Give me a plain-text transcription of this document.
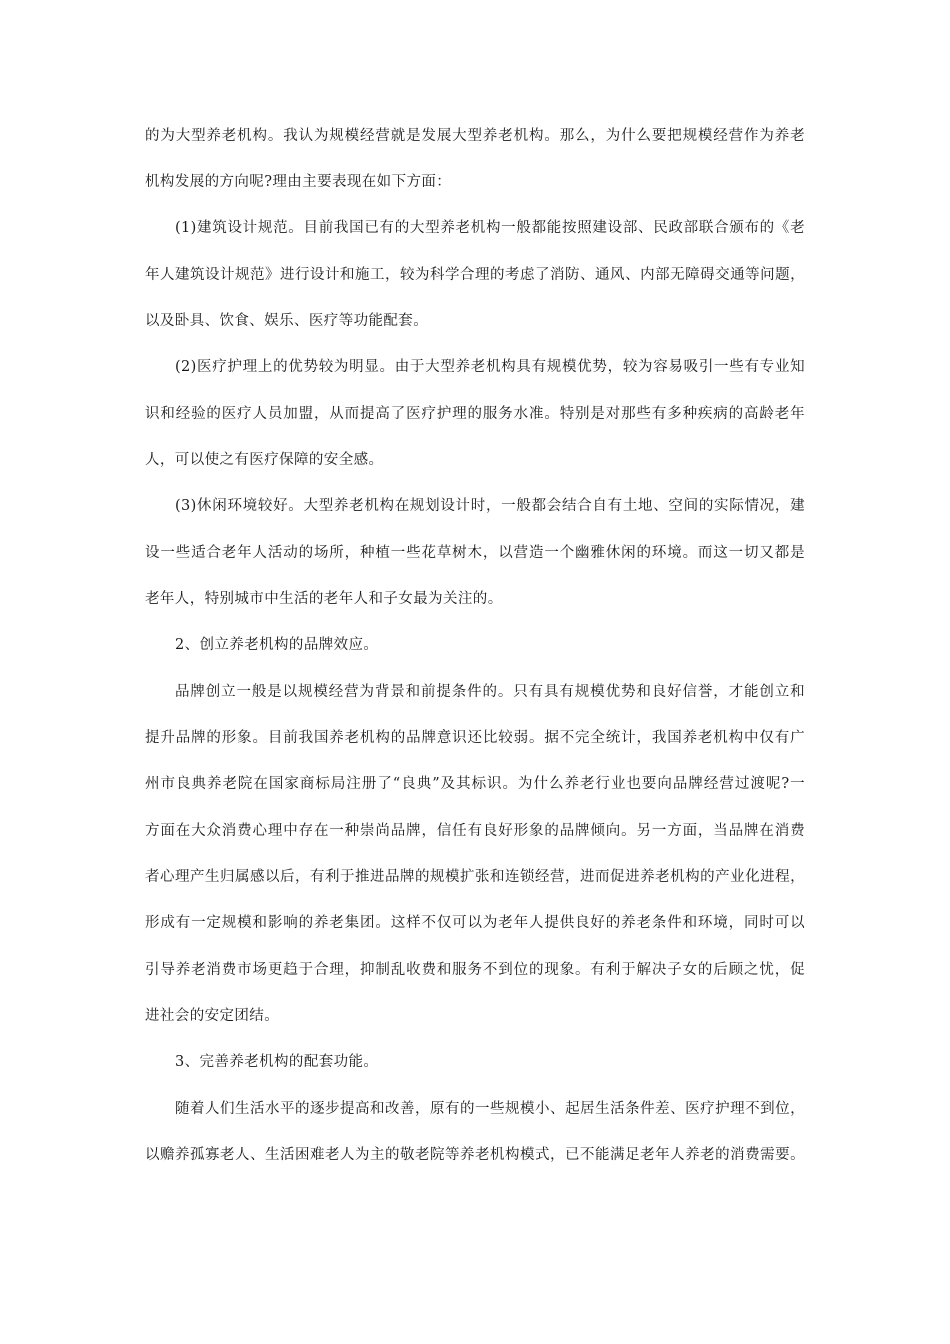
的为大型养老机构。我认为规模经营就是发展大型养老机构。那么，为什么要把规模经营作为养老
机构发展的方向呢?理由主要表现在如下方面：
(1)建筑设计规范。目前我国已有的大型养老机构一般都能按照建设部、民政部联合颁布的《老
年人建筑设计规范》进行设计和施工，较为科学合理的考虑了消防、通风、内部无障碍交通等问题，
以及卧具、饮食、娱乐、医疗等功能配套。
(2)医疗护理上的优势较为明显。由于大型养老机构具有规模优势，较为容易吸引一些有专业知
识和经验的医疗人员加盟，从而提高了医疗护理的服务水准。特别是对那些有多种疾病的高龄老年
人，可以使之有医疗保障的安全感。
(3)休闲环境较好。大型养老机构在规划设计时，一般都会结合自有土地、空间的实际情况，建
设一些适合老年人活动的场所，种植一些花草树木，以营造一个幽雅休闲的环境。而这一切又都是
老年人，特别城市中生活的老年人和子女最为关注的。
2、创立养老机构的品牌效应。
品牌创立一般是以规模经营为背景和前提条件的。只有具有规模优势和良好信誉，才能创立和
提升品牌的形象。目前我国养老机构的品牌意识还比较弱。据不完全统计，我国养老机构中仅有广
州市良典养老院在国家商标局注册了“良典”及其标识。为什么养老行业也要向品牌经营过渡呢?一
方面在大众消费心理中存在一种崇尚品牌，信任有良好形象的品牌倾向。另一方面，当品牌在消费
者心理产生归属感以后，有利于推进品牌的规模扩张和连锁经营，进而促进养老机构的产业化进程，
形成有一定规模和影响的养老集团。这样不仅可以为老年人提供良好的养老条件和环境，同时可以
引导养老消费市场更趋于合理，抑制乱收费和服务不到位的现象。有利于解决子女的后顾之忧，促
进社会的安定团结。
3、完善养老机构的配套功能。
随着人们生活水平的逐步提高和改善，原有的一些规模小、起居生活条件差、医疗护理不到位，
以赡养孤寡老人、生活困难老人为主的敬老院等养老机构模式，已不能满足老年人养老的消费需要。
